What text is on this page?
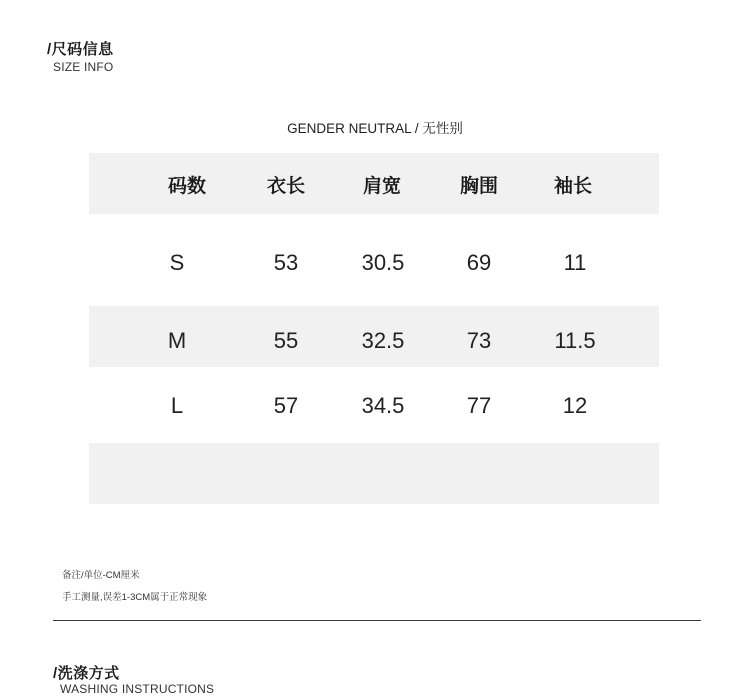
/尺码信息
SIZE INFO
GENDER NEUTRAL / 无性别
码数	衣长	肩宽	胸围	袖长
S	53	30.5	69	11
M	55	32.5	73	11.5
L	57	34.5	77	12
备注/单位-CM厘米
手工测量,误差1-3CM属于正常现象
/洗涤方式
WASHING INSTRUCTIONS
